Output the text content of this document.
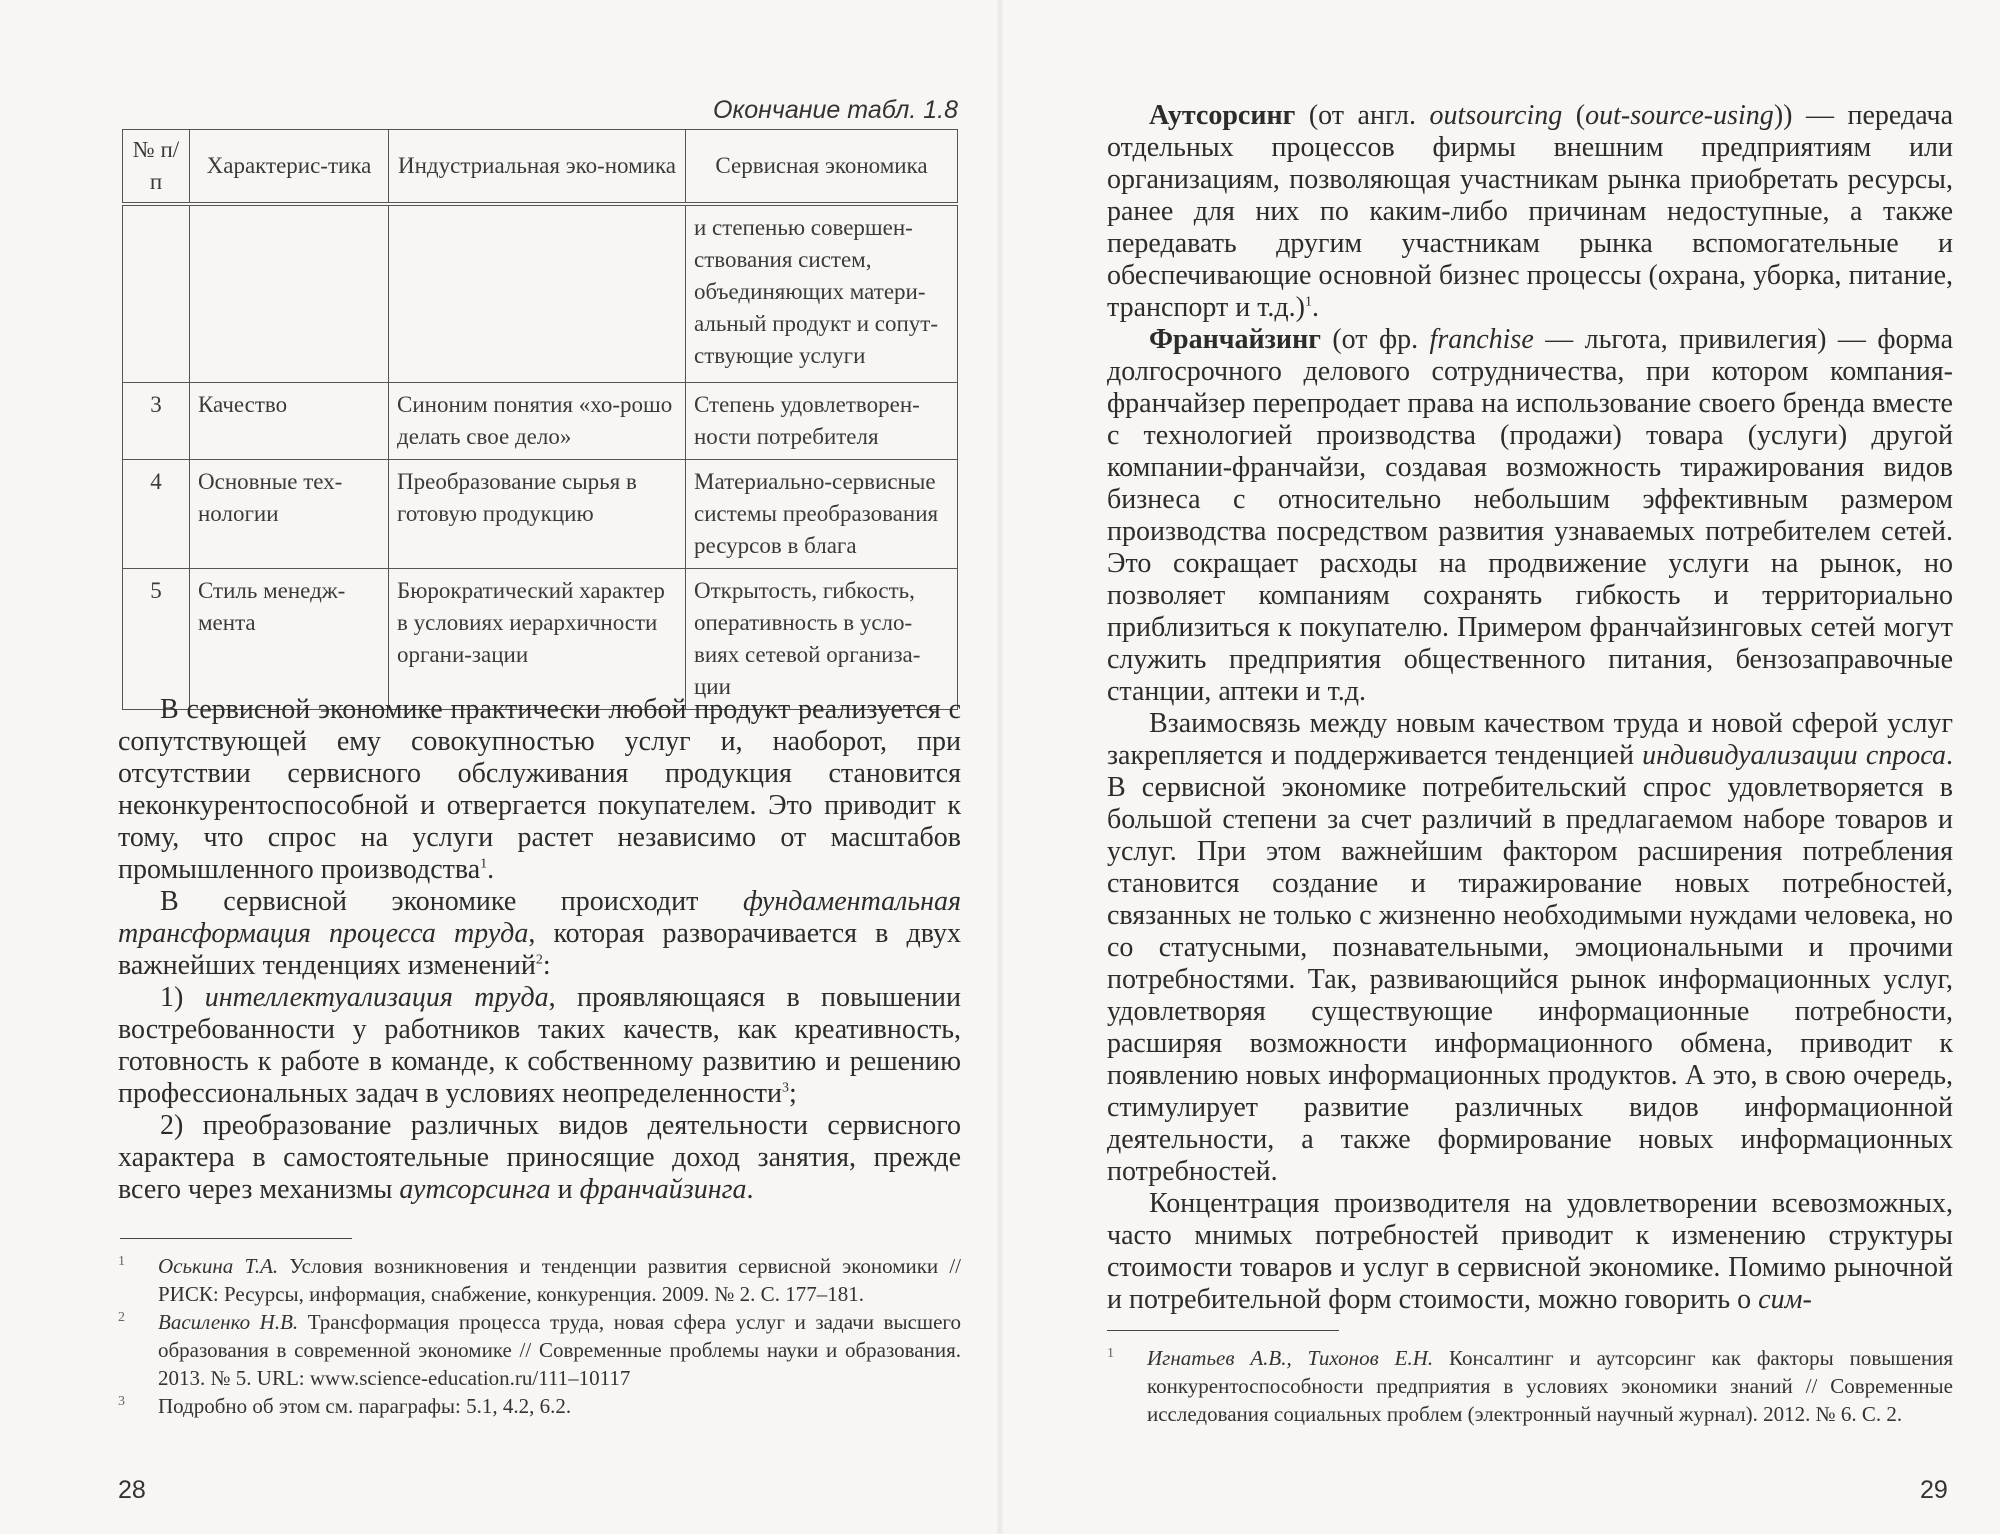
Окончание табл. 1.8
№ п/п	Характерис-тика	Индустриальная эко-номика	Сервисная экономика
			и степенью совершен-ствования систем, объединяющих матери-альный продукт и сопут-ствующие услуги
3	Качество	Синоним понятия «хо-рошо делать свое дело»	Степень удовлетворен-ности потребителя
4	Основные тех-нологии	Преобразование сырья в готовую продукцию	Материально-сервисные системы преобразования ресурсов в блага
5	Стиль менедж-мента	Бюрократический характер в условиях иерархичности органи-зации	Открытость, гибкость, оперативность в усло-виях сетевой организа-ции

В сервисной экономике практически любой продукт реализуется с сопутствующей ему совокупностью услуг и, наоборот, при отсутствии сервисного обслуживания продукция становится неконкурентоспособной и отвергается покупателем. Это приводит к тому, что спрос на услуги растет независимо от масштабов промышленного производства$^1$.

В сервисной экономике происходит фундаментальная трансформация процесса труда, которая разворачивается в двух важнейших тенденциях изменений$^2$:

1) интеллектуализация труда, проявляющаяся в повышении востребованности у работников таких качеств, как креативность, готовность к работе в команде, к собственному развитию и решению профессиональных задач в условиях неопределенности$^3$;

2) преобразование различных видов деятельности сервисного характера в самостоятельные приносящие доход занятия, прежде всего через механизмы аутсорсинга и франчайзинга.

1	Оськина Т.А. Условия возникновения и тенденции развития сервисной экономики // РИСК: Ресурсы, информация, снабжение, конкуренция. 2009. № 2. С. 177–181.
2	Василенко Н.В. Трансформация процесса труда, новая сфера услуг и задачи высшего образования в современной экономике // Современные проблемы науки и образования. 2013. № 5. URL: www.science-education.ru/111–10117
3	Подробно об этом см. параграфы: 5.1, 4.2, 6.2.
28

Аутсорсинг (от англ. outsourcing (out-source-using)) — передача отдельных процессов фирмы внешним предприятиям или организациям, позволяющая участникам рынка приобретать ресурсы, ранее для них по каким-либо причинам недоступные, а также передавать другим участникам рынка вспомогательные и обеспечивающие основной бизнес процессы (охрана, уборка, питание, транспорт и т.д.)$^1$.

Франчайзинг (от фр. franchise — льгота, привилегия) — форма долгосрочного делового сотрудничества, при котором компания-франчайзер перепродает права на использование своего бренда вместе с технологией производства (продажи) товара (услуги) другой компании-франчайзи, создавая возможность тиражирования видов бизнеса с относительно небольшим эффективным размером производства посредством развития узнаваемых потребителем сетей. Это сокращает расходы на продвижение услуги на рынок, но позволяет компаниям сохранять гибкость и территориально приблизиться к покупателю. Примером франчайзинговых сетей могут служить предприятия общественного питания, бензозаправочные станции, аптеки и т.д.

Взаимосвязь между новым качеством труда и новой сферой услуг закрепляется и поддерживается тенденцией индивидуализации спроса. В сервисной экономике потребительский спрос удовлетворяется в большой степени за счет различий в предлагаемом наборе товаров и услуг. При этом важнейшим фактором расширения потребления становится создание и тиражирование новых потребностей, связанных не только с жизненно необходимыми нуждами человека, но со статусными, познавательными, эмоциональными и прочими потребностями. Так, развивающийся рынок информационных услуг, удовлетворяя существующие информационные потребности, расширяя возможности информационного обмена, приводит к появлению новых информационных продуктов. А это, в свою очередь, стимулирует развитие различных видов информационной деятельности, а также формирование новых информационных потребностей.

Концентрация производителя на удовлетворении всевозможных, часто мнимых потребностей приводит к изменению структуры стоимости товаров и услуг в сервисной экономике. Помимо рыночной и потребительной форм стоимости, можно говорить о сим-

1	Игнатьев А.В., Тихонов Е.Н. Консалтинг и аутсорсинг как факторы повышения конкурентоспособности предприятия в условиях экономики знаний // Современные исследования социальных проблем (электронный научный журнал). 2012. № 6. С. 2.
29
